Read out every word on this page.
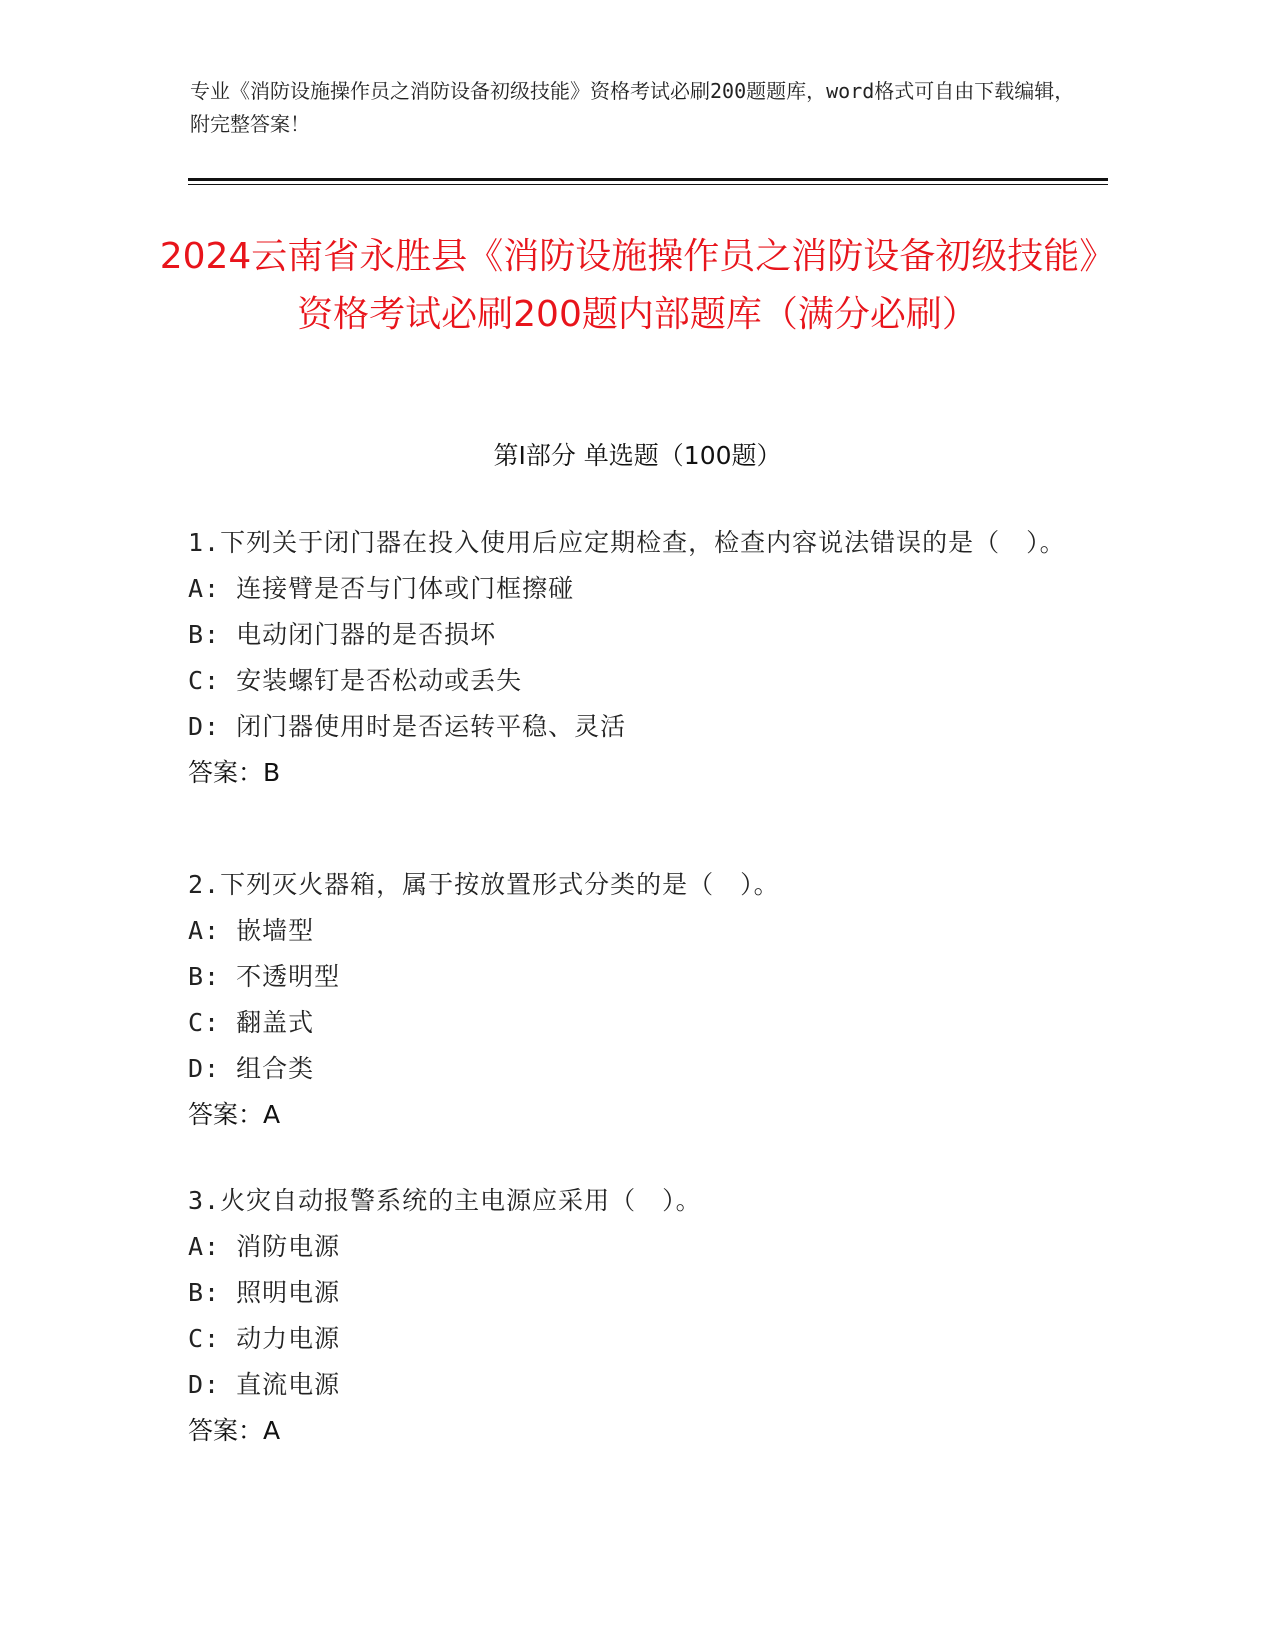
专业《消防设施操作员之消防设备初级技能》资格考试必刷200题题库，word格式可自由下载编辑，附完整答案！
2024云南省永胜县《消防设施操作员之消防设备初级技能》资格考试必刷200题内部题库（满分必刷）
第I部分 单选题（100题）

1.下列关于闭门器在投入使用后应定期检查，检查内容说法错误的是（　）。

A: 连接臂是否与门体或门框擦碰

B: 电动闭门器的是否损坏

C: 安装螺钉是否松动或丢失

D: 闭门器使用时是否运转平稳、灵活

答案：B

2.下列灭火器箱，属于按放置形式分类的是（　）。

A: 嵌墙型

B: 不透明型

C: 翻盖式

D: 组合类

答案：A

3.火灾自动报警系统的主电源应采用（　）。

A: 消防电源

B: 照明电源

C: 动力电源

D: 直流电源

答案：A
